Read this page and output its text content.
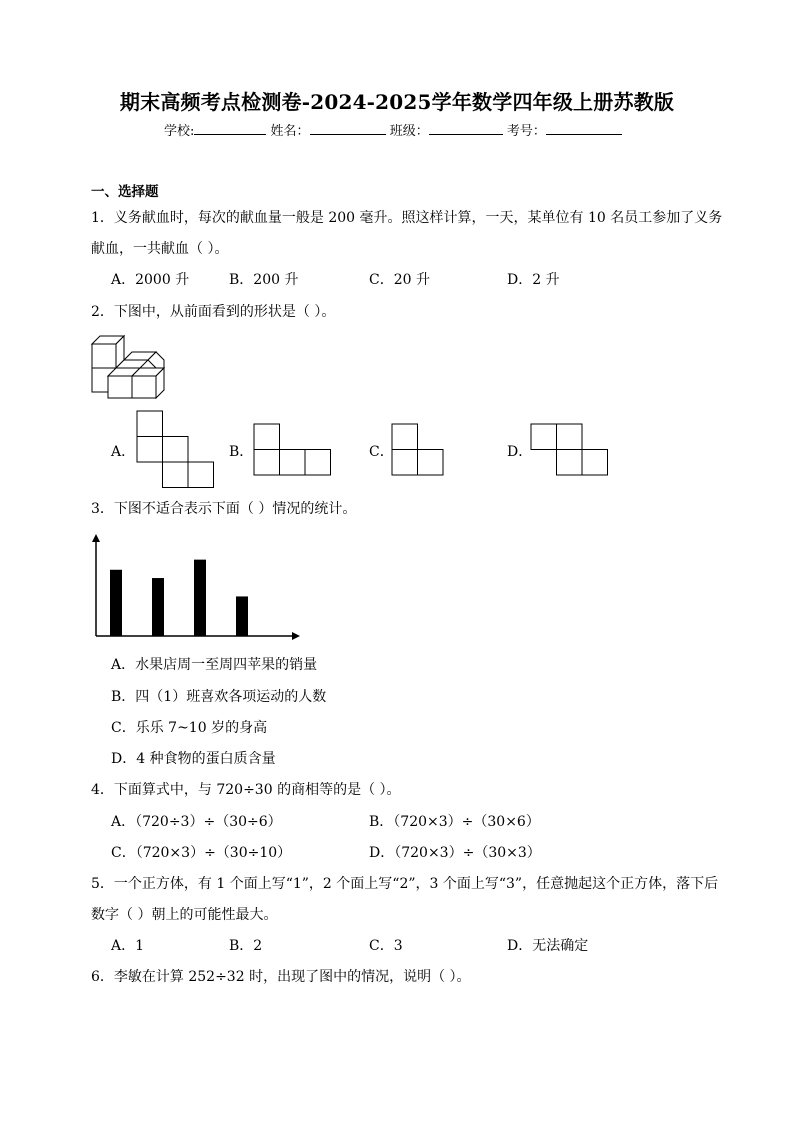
期末高频考点检测卷-2024-2025学年数学四年级上册苏教版
学校:	姓名：	班级：	考号：
一、选择题
1．义务献血时，每次的献血量一般是 200 毫升。照这样计算，一天，某单位有 10 名员工参加了义务
献血，一共献血（ ）。
A．2000 升	B．200 升	C．20 升	D．2 升
2．下图中，从前面看到的形状是（ ）。
A．	B．	C．	D．
3．下图不适合表示下面（ ）情况的统计。
A．水果店周一至周四苹果的销量
B．四（1）班喜欢各项运动的人数
C．乐乐 7~10 岁的身高
D．4 种食物的蛋白质含量
4．下面算式中，与 720÷30 的商相等的是（ ）。
A．（720÷3）÷（30÷6）	B．（720×3）÷（30×6）
C．（720×3）÷（30÷10）	D．（720×3）÷（30×3）
5．一个正方体，有 1 个面上写“1”，2 个面上写“2”，3 个面上写“3”，任意抛起这个正方体，落下后
数字（ ）朝上的可能性最大。
A．1	B．2	C．3	D．无法确定
6．李敏在计算 252÷32 时，出现了图中的情况，说明（ ）。
